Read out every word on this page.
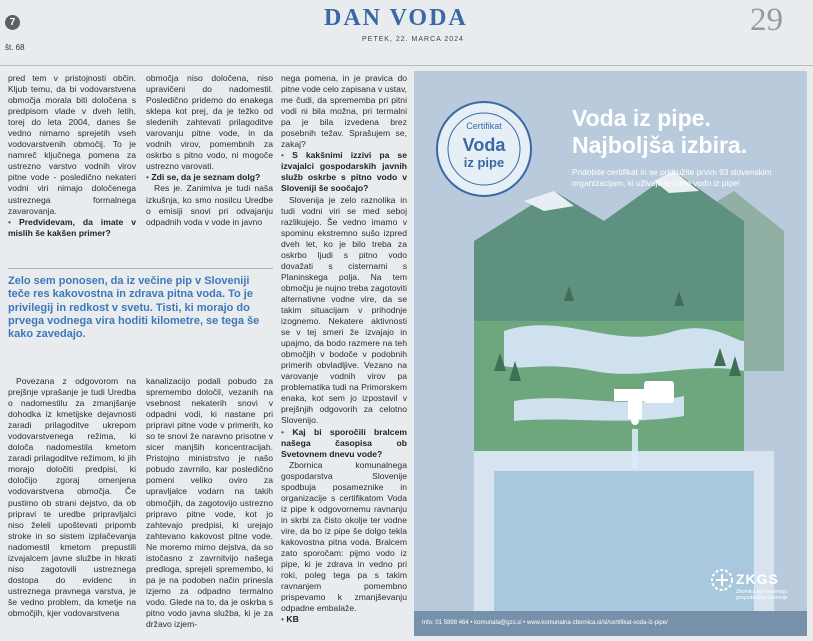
7
št. 68
DAN VODA
PETEK, 22. MARCA 2024
29

pred tem v pristojnosti občin. Kljub temu, da bi vodovarstvena območja morala biti določena s predpisom vlade v dveh letih, torej do leta 2004, danes še vedno nimamo sprejetih vseh vodovarstvenih območij. To je namreč ključnega pomena za ustrezno varstvo vodnih virov pitne vode - posledično nekateri vodni viri nimajo določenega ustreznega formalnega zavarovanja.

• Predvidevam, da imate v mislih še kakšen primer?

območja niso določena, niso upravičeni do nadomestil. Posledično pridemo do enakega sklepa kot prej, da je težko od sledenih zahtevati prilagoditve varovanju pitne vode, in da vodnih virov, pomembnih za oskrbo s pitno vodo, ni mogoče ustrezno varovati.

• Zdi se, da je seznam dolg?

Res je. Zanimiva je tudi naša izkušnja, ko smo nosilcu Uredbe o emisiji snovi pri odvajanju odpadnih voda v vode in javno

nega pomena, in je pravica do pitne vode celo zapisana v ustav, me čudi, da sprememba pri pitni vodi ni bila možna, pri termalni pa je bila izvedena brez posebnih težav. Sprašujem se, zakaj?

• S kakšnimi izzivi pa se izvajalci gospodarskih javnih služb oskrbe s pitno vodo v Sloveniji še soočajo?

Slovenija je zelo raznolika in tudi vodni viri se med seboj razlikujejo. Še vedno imamo v spominu ekstremno sušo izpred dveh let, ko je bilo treba za oskrbo ljudi s pitno vodo dovažati s cisternami s Planinskega polja. Na tem območju je nujno treba zagotoviti alternativne vodne vire, da se takim situacijam v prihodnje izognemo. Nekatere aktivnosti se v tej smeri že izvajajo in upajmo, da bodo razmere na teh območjih v bodoče v podobnih primerih obvladljive. Vezano na varovanje vodnih virov pa problematika tudi na Primorskem enaka, kot sem jo izpostavil v prejšnjih odgovorih za celotno Slovenijo.

• Kaj bi sporočili bralcem našega časopisa ob Svetovnem dnevu vode?

Zbornica komunalnega gospodarstva Slovenije spodbuja posameznike in organizacije s certifikatom Voda iz pipe k odgovornemu ravnanju in skrbi za čisto okolje ter vodne vire, da bo iz pipe še dolgo tekla kakovostna pitna voda. Bralcem zato sporočam: pijmo vodo iz pipe, ki je zdrava in vedno pri roki, poleg tega pa s takim ravnanjem pomembno prispevamo k zmanjševanju odpadne embalaže.

• KB

Zelo sem ponosen, da iz večine pip v Sloveniji teče res kakovostna in zdrava pitna voda. To je privilegij in redkost v svetu. Tisti, ki morajo do prvega vodnega vira hoditi kilometre, se tega še kako zavedajo.

Povezana z odgovorom na prejšnje vprašanje je tudi Uredba o nadomestilu za zmanjšanje dohodka iz kmetijske dejavnosti zaradi prilagoditve ukrepom vodovarstvenega režima, ki določa nadomestila kmetom zaradi prilagoditve režimom, ki jih morajo določiti predpisi, ki določijo zgoraj omenjena vodovarstvena območja. Če pustimo ob strani dejstvo, da ob pripravi te uredbe pripravljalci niso želeli upoštevati pripomb stroke in so sistem izplačevanja nadomestil kmetom prepustili izvajalcem javne službe in hkrati niso zagotovili ustreznega dostopa do evidenc in ustreznega pravnega varstva, je še vedno problem, da kmetje na območjih, kjer vodovarstvena

kanalizacijo podali pobudo za spremembo določil, vezanih na vsebnost nekaterih snovi v odpadni vodi, ki nastane pri pripravi pitne vode v primerih, ko so te snovi že naravno prisotne v sicer manjših koncentracijah. Pristojno ministrstvo je našo pobudo zavrnilo, kar posledično pomeni veliko oviro za upravljalce vodarn na takih območjih, da zagotovijo ustrezno pripravo pitne vode, kot jo zahtevajo predpisi, ki urejajo zahtevano kakovost pitne vode. Ne moremo mimo dejstva, da so istočasno z zavrnitvijo našega predloga, sprejeli spremembo, ki pa je na podoben način prinesla izjemo za odpadno termalno vodo. Glede na to, da je oskrba s pitno vodo javna služba, ki je za državo izjem-

Certifikat
Voda
iz pipe
Voda iz pipe.
Najboljša izbira.
Pridobite certifikat in se pridružite prvim 93 slovenskim organizacijam, ki uživajo le pitno vodo iz pipe!
ZKGS
Zbornica komunalnega gospodarstva Slovenije
Info: 01 5898 464 • komunala@gzs.si • www.komunalna-zbornica.si/sl/certifikat-voda-iz-pipe/
